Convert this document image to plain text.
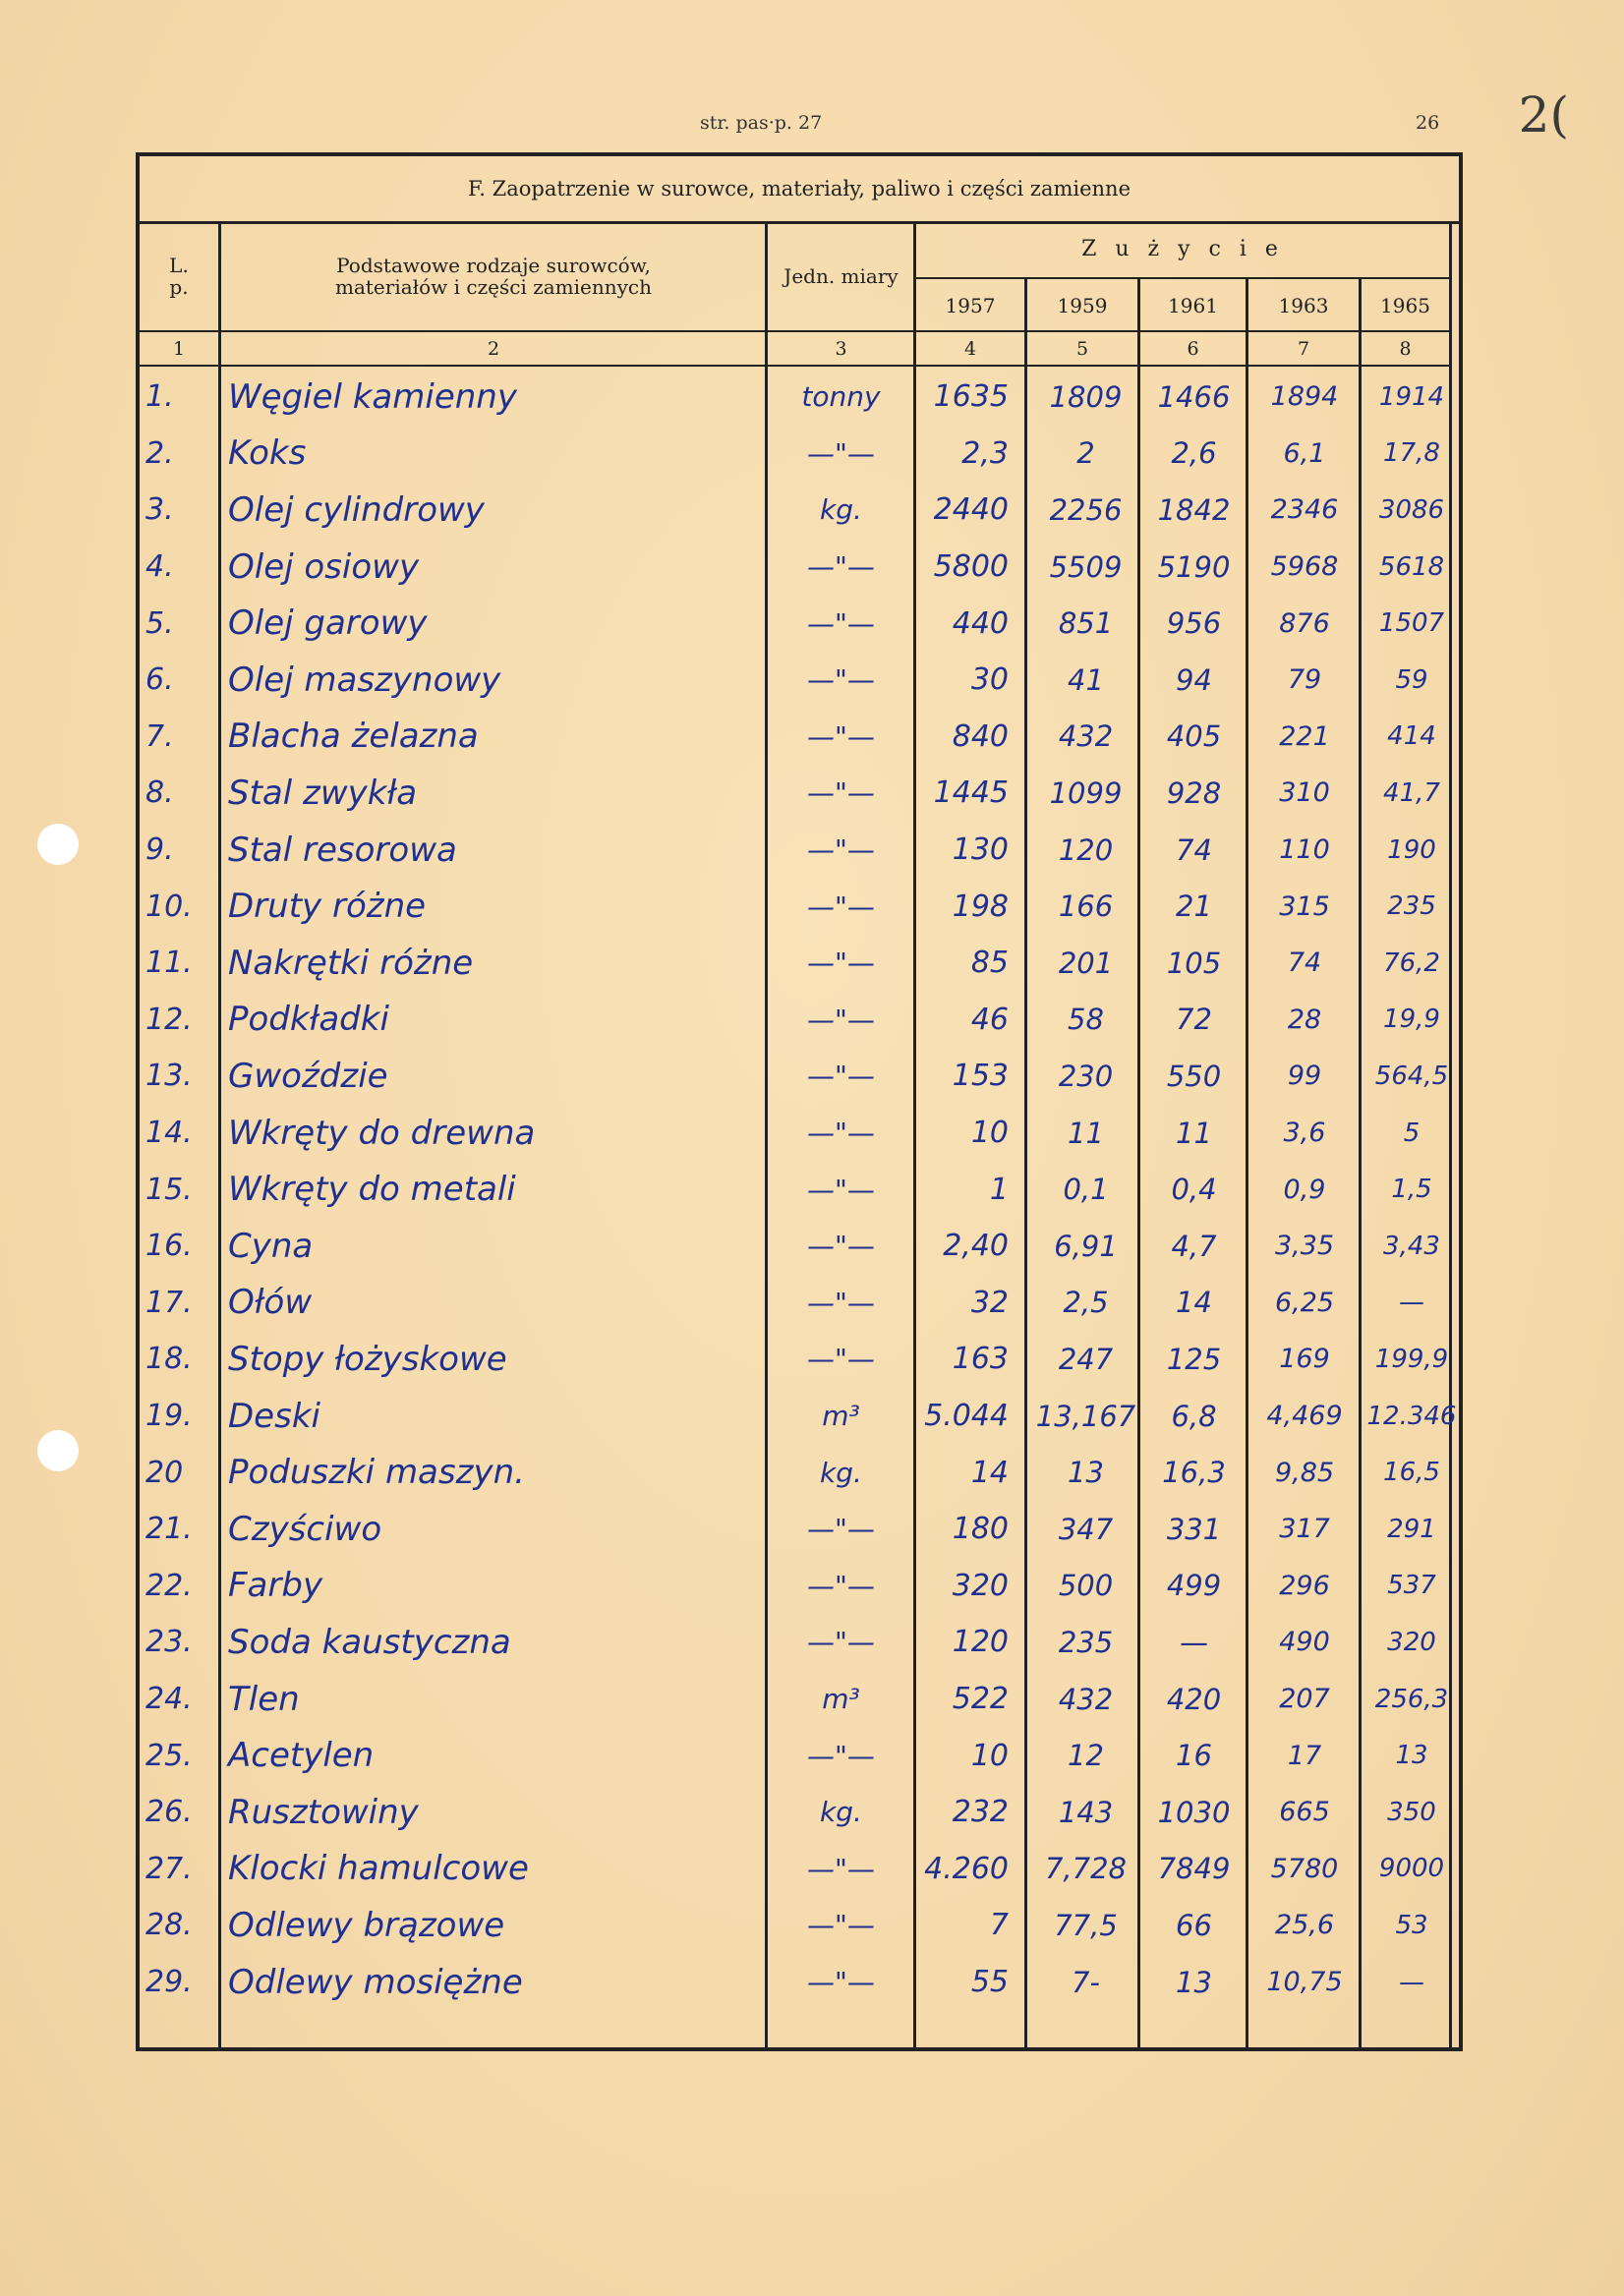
str. pas·p. 27	26 2(
F. Zaopatrzenie w surowce, materiały, paliwo i części zamienne
L.
p.
Podstawowe rodzaje surowców, materiałów i części zamiennych	Jedn. miary
Z u ż y c i e
1957	1959	1961	1963	1965
1	2	3	4	5	6	7	8
1.	Węgiel kamienny	tonny	1635	1809	1466	1894	1914
2.	Koks	—"—	2,3	2	2,6	6,1	17,8
3.	Olej cylindrowy	kg.	2440	2256	1842	2346	3086
4.	Olej osiowy	—"—	5800	5509	5190	5968	5618
5.	Olej garowy	—"—	440	851	956	876	1507
6.	Olej maszynowy	—"—	30	41	94	79	59
7.	Blacha żelazna	—"—	840	432	405	221	414
8.	Stal zwykła	—"—	1445	1099	928	310	41,7
9.	Stal resorowa	—"—	130	120	74	110	190
10.	Druty różne	—"—	198	166	21	315	235
11.	Nakrętki różne	—"—	85	201	105	74	76,2
12.	Podkładki	—"—	46	58	72	28	19,9
13.	Gwoździe	—"—	153	230	550	99	564,5
14.	Wkręty do drewna	—"—	10	11	11	3,6	5
15.	Wkręty do metali	—"—	1	0,1	0,4	0,9	1,5
16.	Cyna	—"—	2,40	6,91	4,7	3,35	3,43
17.	Ołów	—"—	32	2,5	14	6,25	—
18.	Stopy łożyskowe	—"—	163	247	125	169	199,9
19.	Deski	m³	5.044 13,167	6,8	4,469 12.346
20	Poduszki maszyn.	kg.	14	13	16,3	9,85	16,5
21.	Czyściwo	—"—	180	347	331	317	291
22.	Farby	—"—	320	500	499	296	537
23.	Soda kaustyczna	—"—	120	235	—	490	320
24.	Tlen	m³	522	432	420	207	256,3
25.	Acetylen	—"—	10	12	16	17	13
26.	Rusztowiny	kg.	232	143	1030	665	350
27.	Klocki hamulcowe	—"—	4.260	7,728	7849	5780	9000
28.	Odlewy brązowe	—"—	7	77,5	66	25,6	53
29.	Odlewy mosiężne	—"—	55	7-	13	10,75	—
